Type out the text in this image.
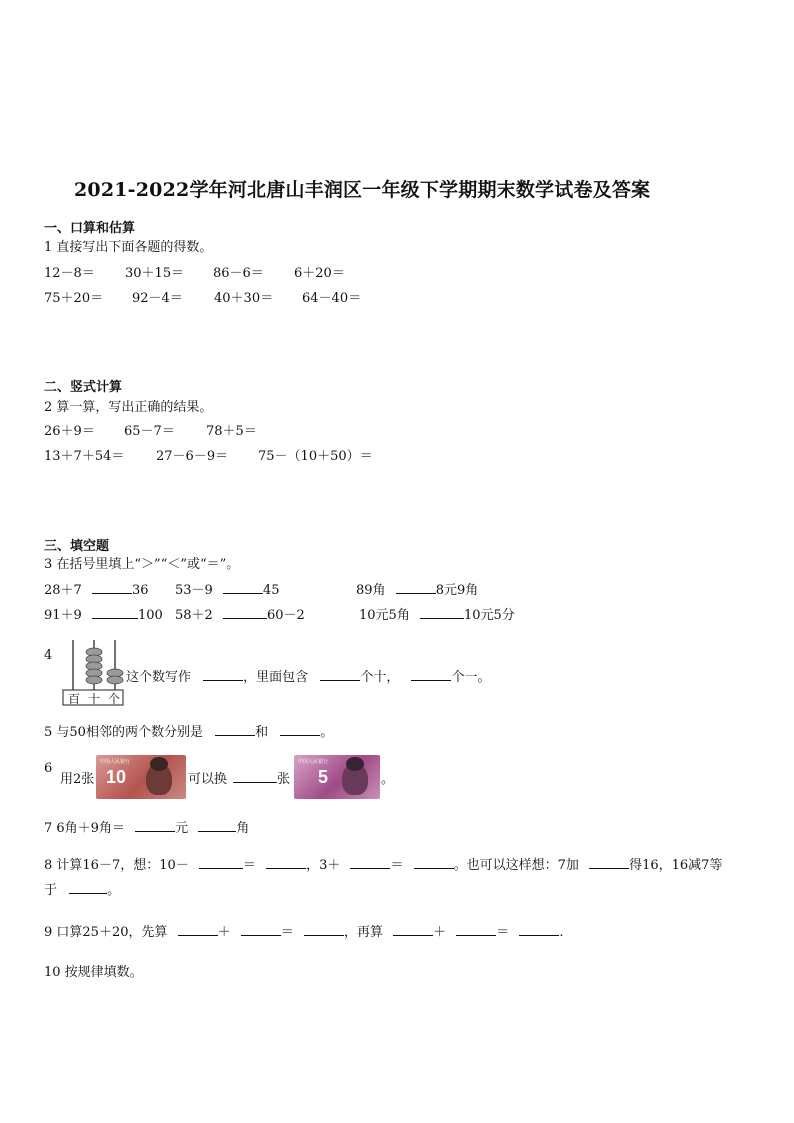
2021-2022学年河北唐山丰润区一年级下学期期末数学试卷及答案
一、口算和估算
1 直接写出下面各题的得数。
12－8＝ 30＋15＝ 86－6＝ 6＋20＝
75＋20＝ 92－4＝ 40＋30＝ 64－40＝
二、竖式计算
2 算一算，写出正确的结果。
26＋9＝ 65－7＝ 78＋5＝
13＋7＋54＝ 27－6－9＝ 75－（10＋50）＝
三、填空题
3 在括号里填上“＞”“＜”或“＝”。
28＋7	36 53－9	45	89角	8元9角
91＋9	100 58＋2	60－2	10元5角	10元5分
4
百 十 个
这个数写作	，里面包含	个十，	个一。
5 与50相邻的两个数分别是	和	。
6
用2张
中国人民银行
10	可以换	张
中国人民银行
5	。
7 6角＋9角＝	元	角
8 计算16－7，想：10－	＝	，3＋	＝	。也可以这样想：7加	得16，16减7等
于	。
9 口算25＋20，先算	＋	＝	，再算	＋	＝	.
10 按规律填数。
